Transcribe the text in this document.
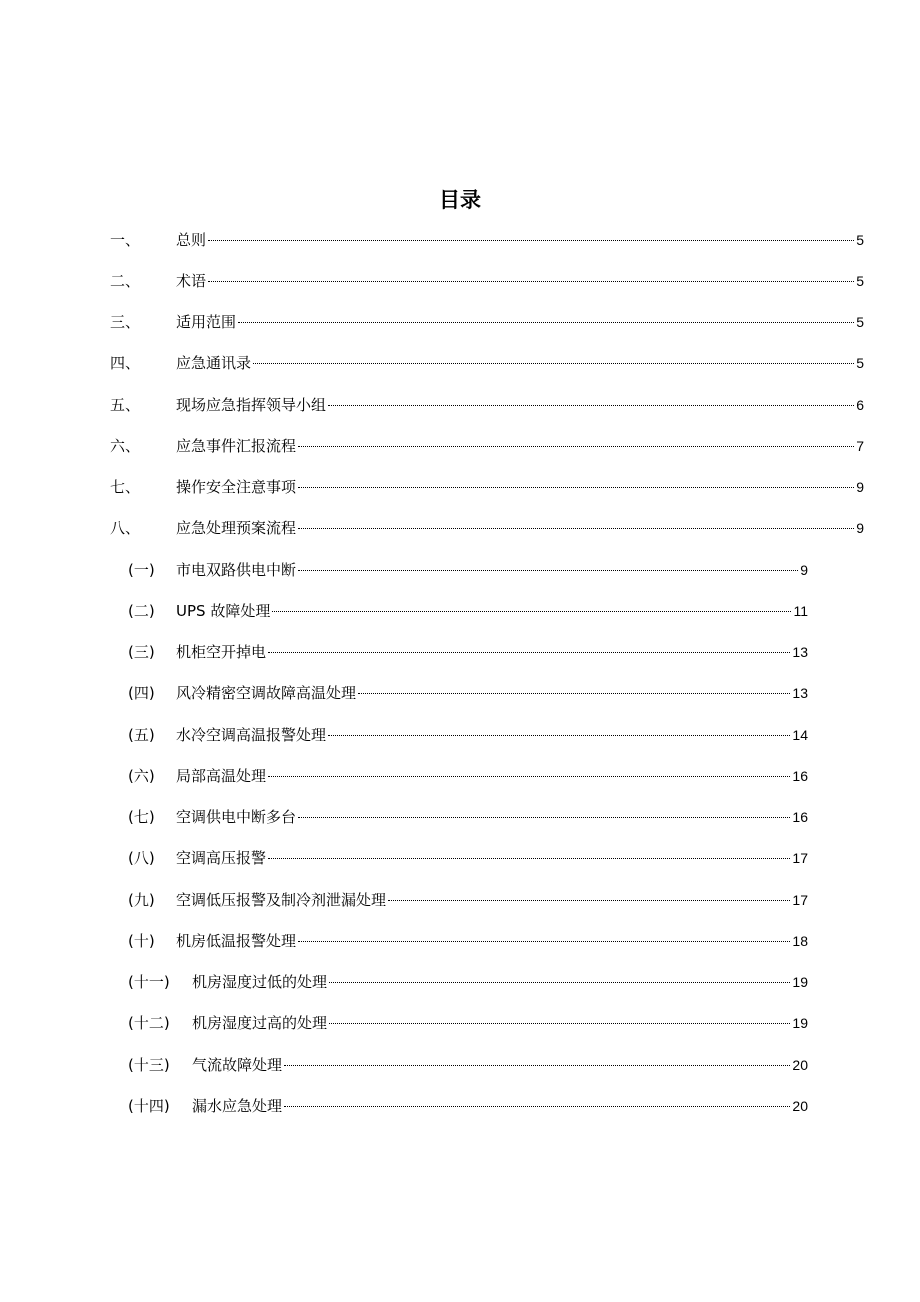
目录
一、	总则	5
二、	术语	5
三、	适用范围	5
四、	应急通讯录	5
五、	现场应急指挥领导小组	6
六、	应急事件汇报流程	7
七、	操作安全注意事项	9
八、	应急处理预案流程	9
(一)	市电双路供电中断	9
(二)	UPS 故障处理	11
(三)	机柜空开掉电	13
(四)	风冷精密空调故障高温处理	13
(五)	水冷空调高温报警处理	14
(六)	局部高温处理	16
(七)	空调供电中断多台	16
(八)	空调高压报警	17
(九)	空调低压报警及制冷剂泄漏处理	17
(十)	机房低温报警处理	18
(十一)	机房湿度过低的处理	19
(十二)	机房湿度过高的处理	19
(十三)	气流故障处理	20
(十四)	漏水应急处理	20
